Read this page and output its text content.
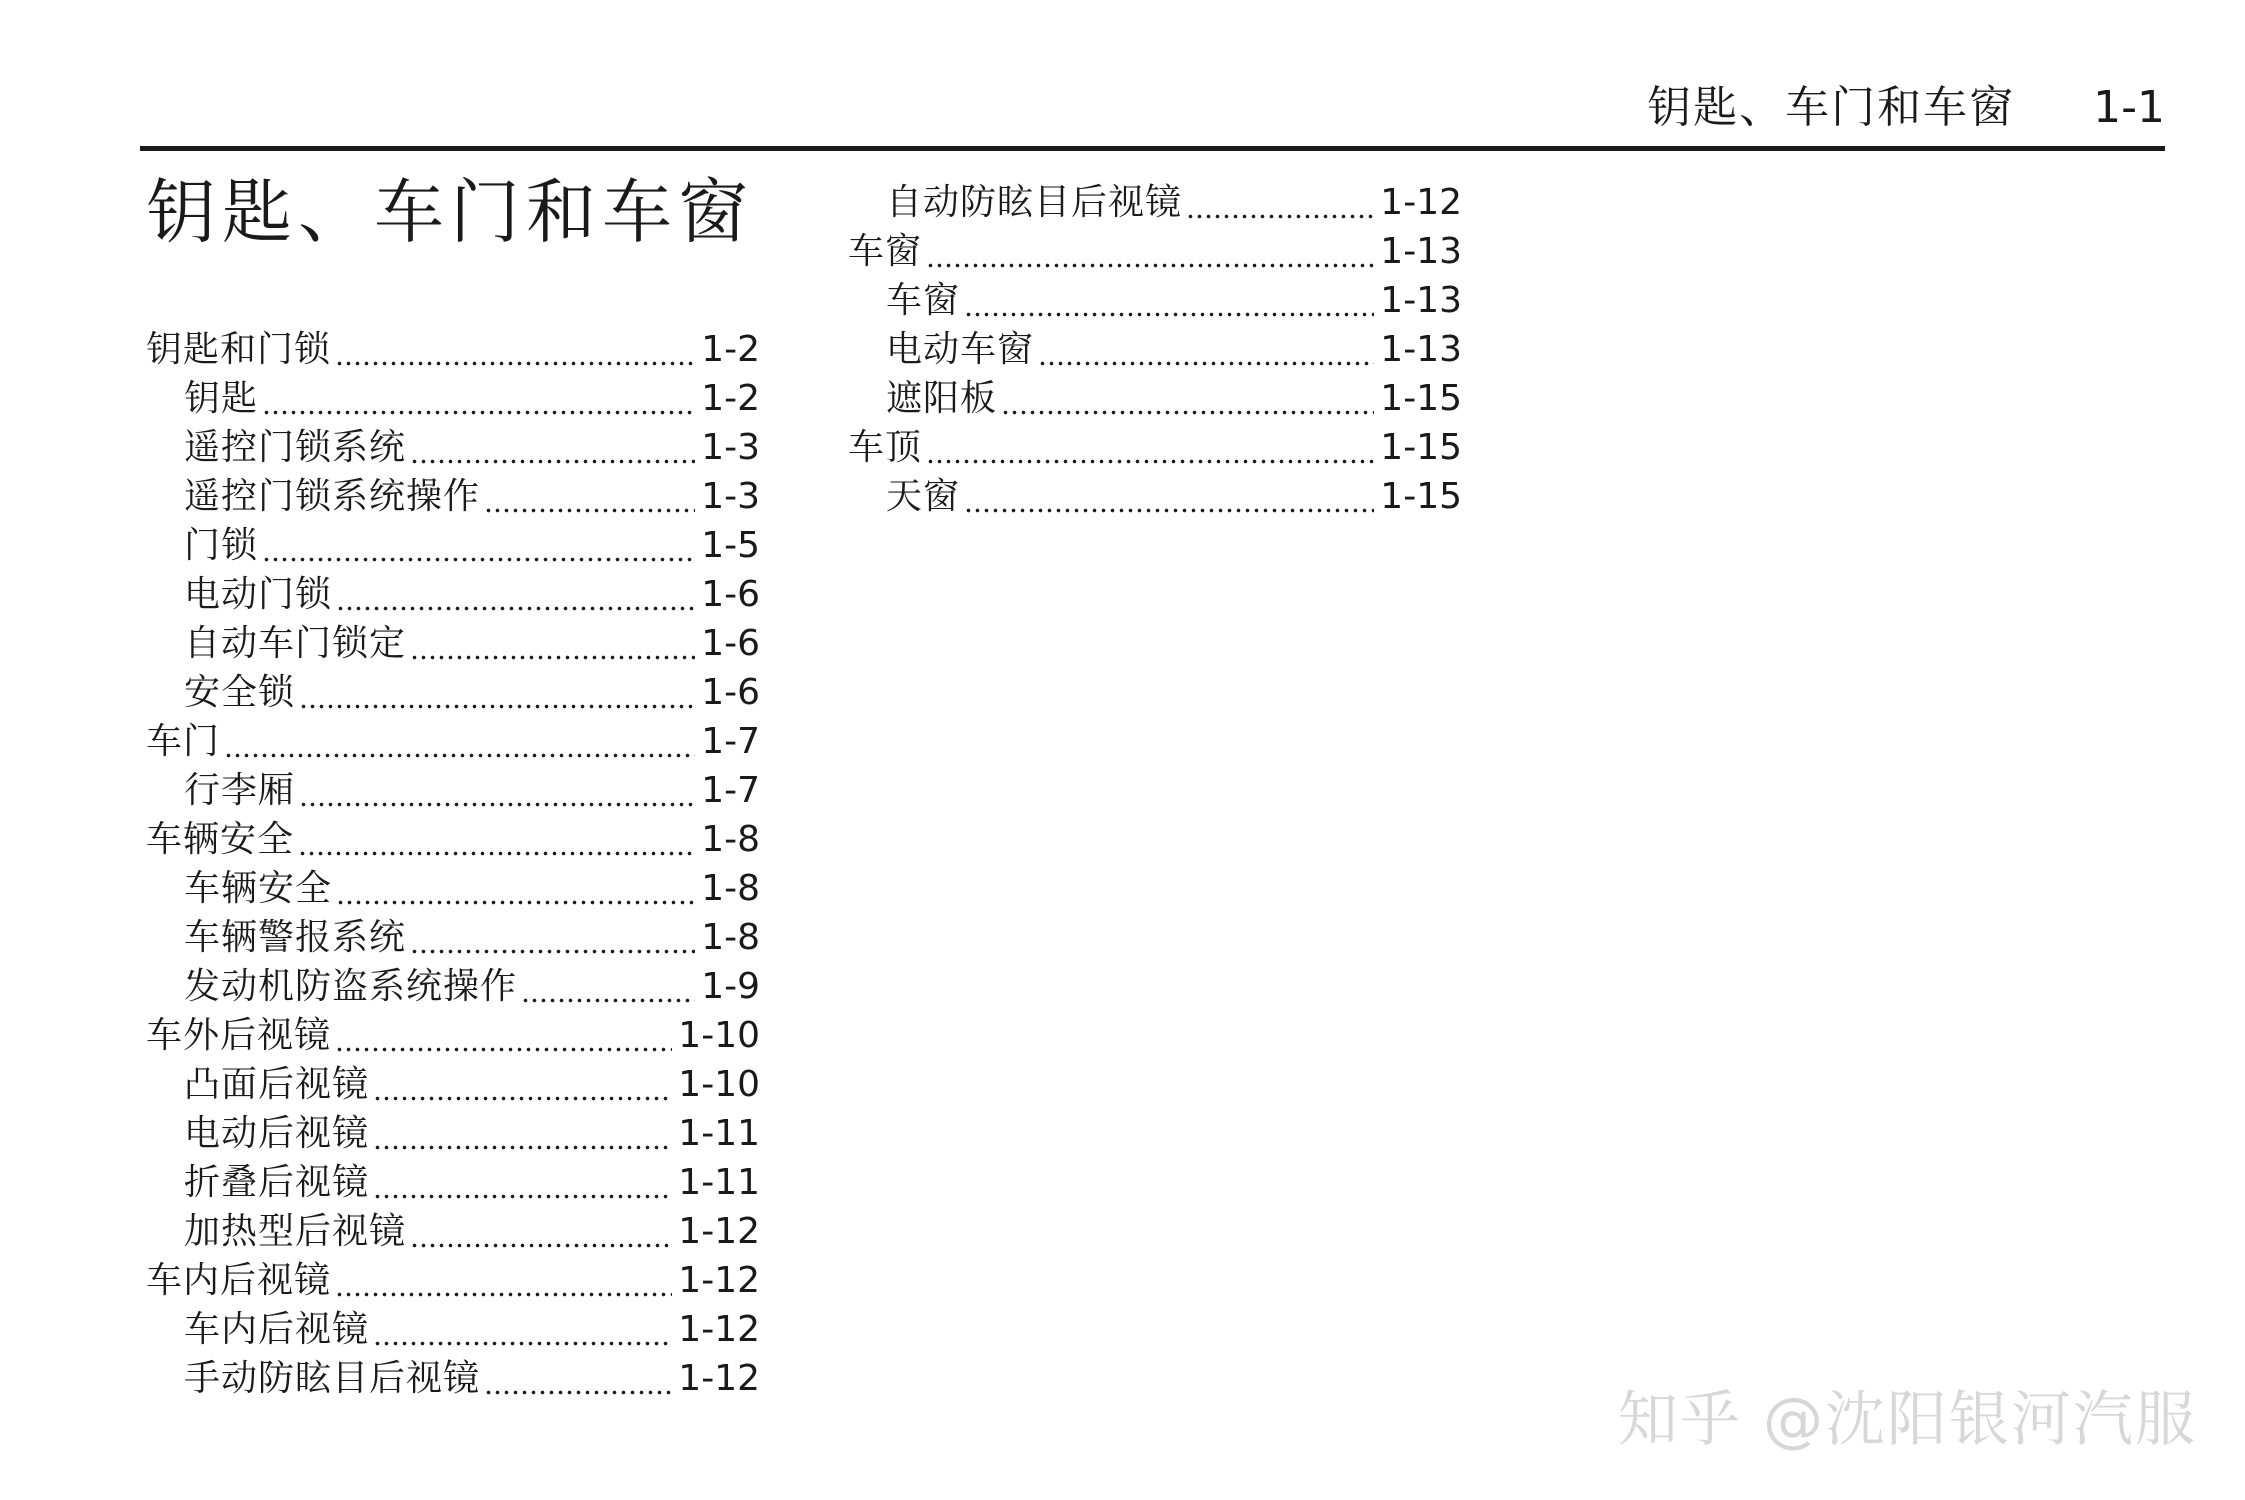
钥匙、车门和车窗 1-1
钥匙、车门和车窗
钥匙和门锁	1-2
钥匙	1-2
遥控门锁系统	1-3
遥控门锁系统操作	1-3
门锁	1-5
电动门锁	1-6
自动车门锁定	1-6
安全锁	1-6
车门	1-7
行李厢	1-7
车辆安全	1-8
车辆安全	1-8
车辆警报系统	1-8
发动机防盗系统操作	1-9
车外后视镜	1-10
凸面后视镜	1-10
电动后视镜	1-11
折叠后视镜	1-11
加热型后视镜	1-12
车内后视镜	1-12
车内后视镜	1-12
手动防眩目后视镜	1-12
自动防眩目后视镜	1-12
车窗	1-13
车窗	1-13
电动车窗	1-13
遮阳板	1-15
车顶	1-15
天窗	1-15
知乎 @沈阳银河汽服
